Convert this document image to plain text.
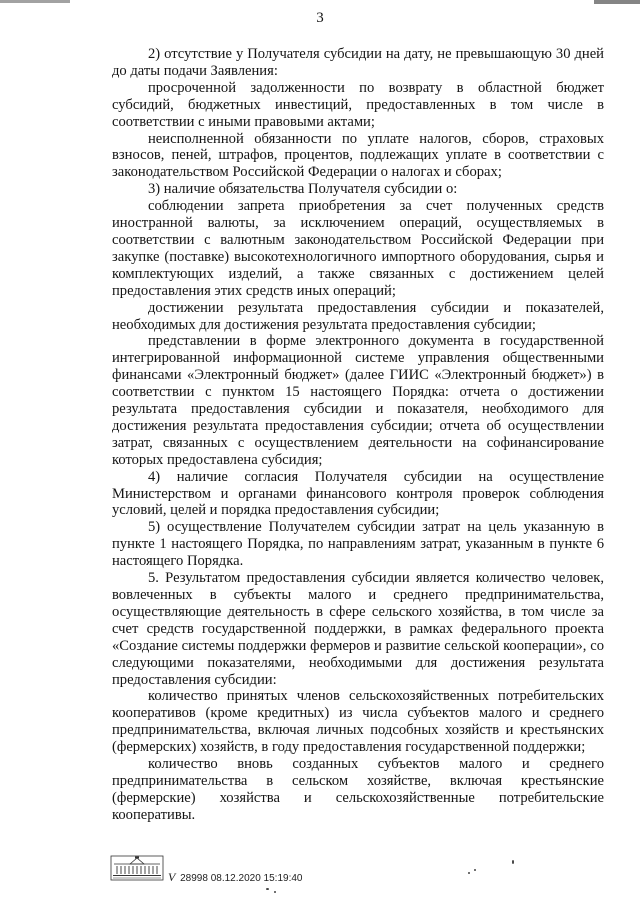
3

2) отсутствие у Получателя субсидии на дату, не превышающую 30 дней до даты подачи Заявления:

просроченной задолженности по возврату в областной бюджет субсидий, бюджетных инвестиций, предоставленных в том числе в соответствии с иными правовыми актами;

неисполненной обязанности по уплате налогов, сборов, страховых взносов, пеней, штрафов, процентов, подлежащих уплате в соответствии с законодательством Российской Федерации о налогах и сборах;

3) наличие обязательства Получателя субсидии о:

соблюдении запрета приобретения за счет полученных средств иностранной валюты, за исключением операций, осуществляемых в соответствии с валютным законодательством Российской Федерации при закупке (поставке) высокотехнологичного импортного оборудования, сырья и комплектующих изделий, а также связанных с достижением целей предоставления этих средств иных операций;

достижении результата предоставления субсидии и показателей, необходимых для достижения результата предоставления субсидии;

представлении в форме электронного документа в государственной интегрированной информационной системе управления общественными финансами «Электронный бюджет» (далее ГИИС «Электронный бюджет») в соответствии с пунктом 15 настоящего Порядка: отчета о достижении результата предоставления субсидии и показателя, необходимого для достижения результата предоставления субсидии; отчета об осуществлении затрат, связанных с осуществлением деятельности на софинансирование которых предоставлена субсидия;

4) наличие согласия Получателя субсидии на осуществление Министерством и органами финансового контроля проверок соблюдения условий, целей и порядка предоставления субсидии;

5) осуществление Получателем субсидии затрат на цель указанную в пункте 1 настоящего Порядка, по направлениям затрат, указанным в пункте 6 настоящего Порядка.

5. Результатом предоставления субсидии является количество человек, вовлеченных в субъекты малого и среднего предпринимательства, осуществляющие деятельность в сфере сельского хозяйства, в том числе за счет средств государственной поддержки, в рамках федерального проекта «Создание системы поддержки фермеров и развитие сельской кооперации», со следующими показателями, необходимыми для достижения результата предоставления субсидии:

количество принятых членов сельскохозяйственных потребительских кооперативов (кроме кредитных) из числа субъектов малого и среднего предпринимательства, включая личных подсобных хозяйств и крестьянских (фермерских) хозяйств, в году предоставления государственной поддержки;

количество вновь созданных субъектов малого и среднего предпринимательства в сельском хозяйстве, включая крестьянские (фермерские) хозяйства и сельскохозяйственные потребительские кооперативы.

V 28998 08.12.2020 15:19:40
